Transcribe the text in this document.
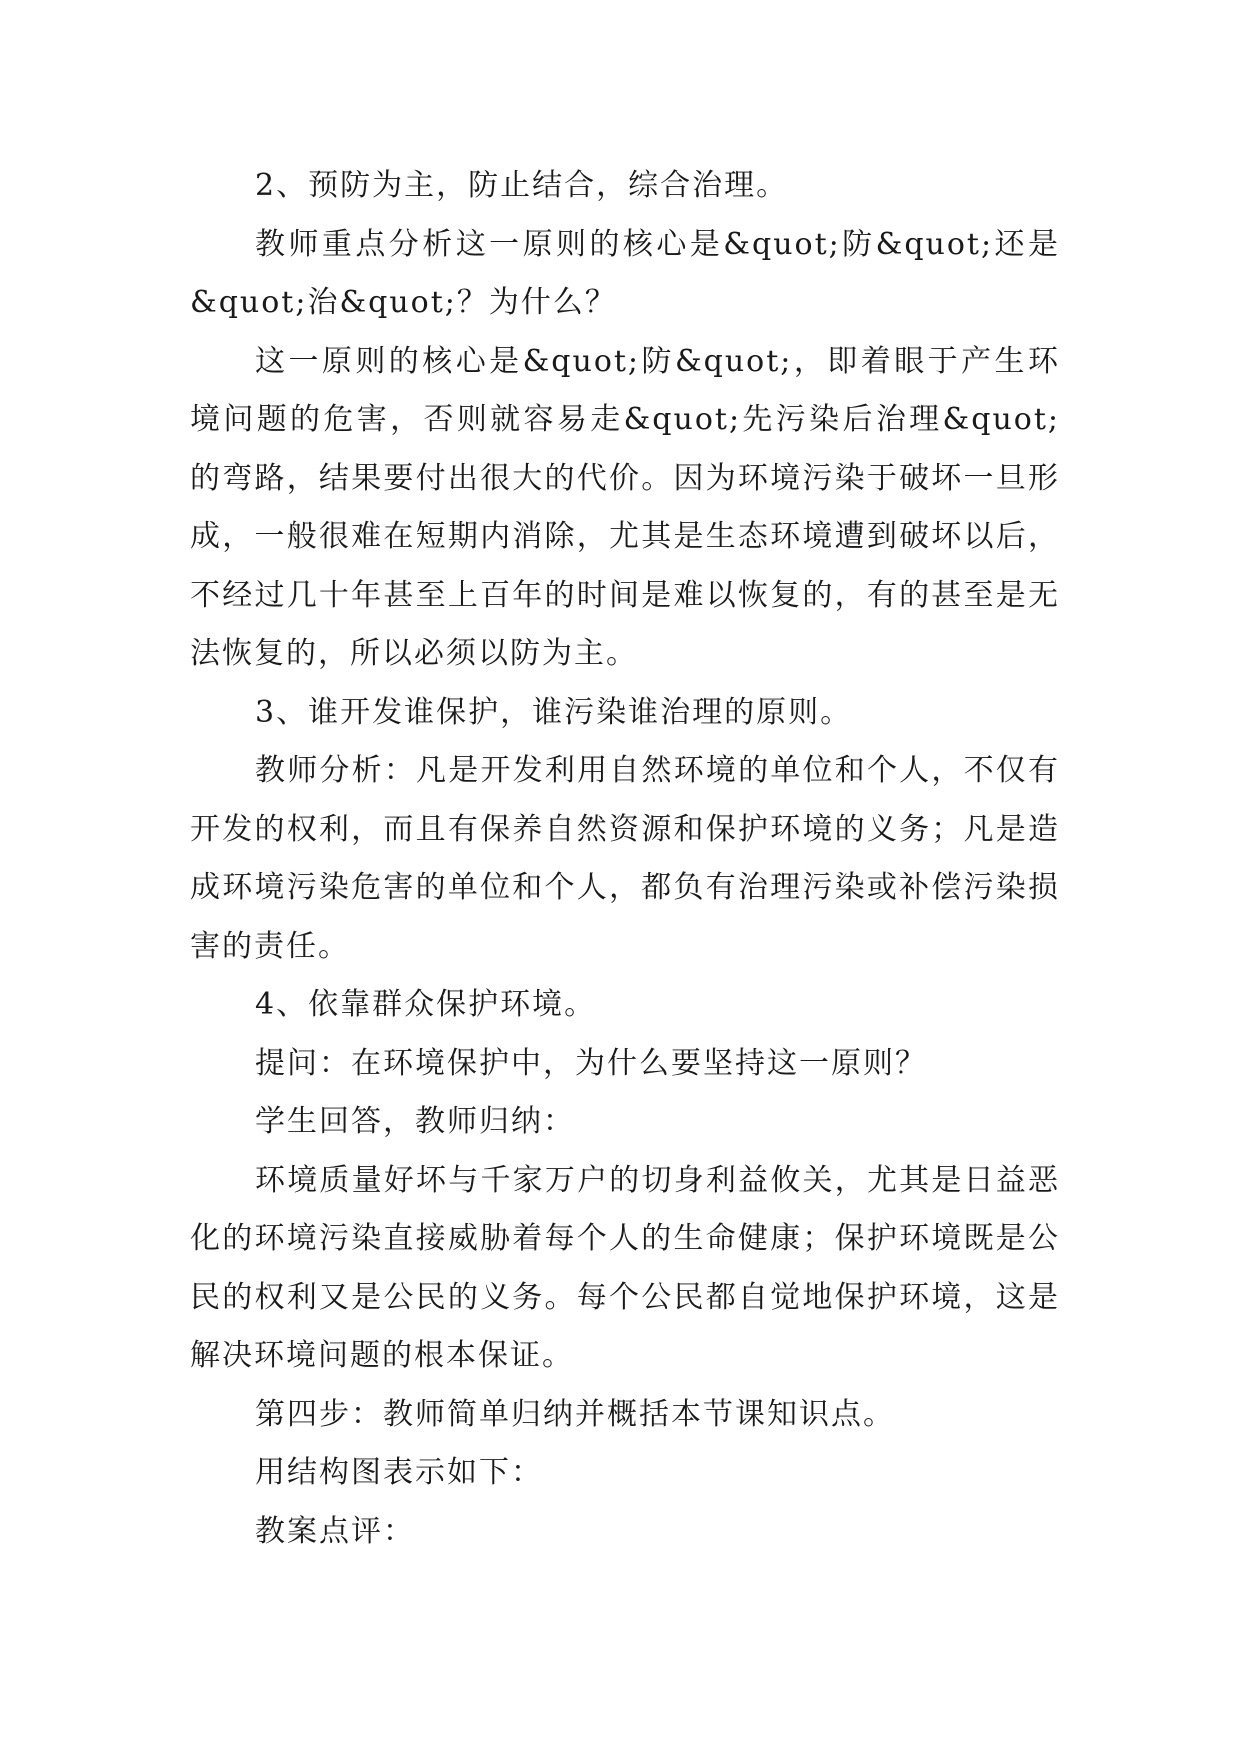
2、预防为主，防止结合，综合治理。

教师重点分析这一原则的核心是&quot;防&quot;还是&quot;治&quot;？为什么？

这一原则的核心是&quot;防&quot;，即着眼于产生环境问题的危害，否则就容易走&quot;先污染后治理&quot;的弯路，结果要付出很大的代价。因为环境污染于破坏一旦形成，一般很难在短期内消除，尤其是生态环境遭到破坏以后，不经过几十年甚至上百年的时间是难以恢复的，有的甚至是无法恢复的，所以必须以防为主。

3、谁开发谁保护，谁污染谁治理的原则。

教师分析：凡是开发利用自然环境的单位和个人，不仅有开发的权利，而且有保养自然资源和保护环境的义务；凡是造成环境污染危害的单位和个人，都负有治理污染或补偿污染损害的责任。

4、依靠群众保护环境。

提问：在环境保护中，为什么要坚持这一原则？

学生回答，教师归纳：

环境质量好坏与千家万户的切身利益攸关，尤其是日益恶化的环境污染直接威胁着每个人的生命健康；保护环境既是公民的权利又是公民的义务。每个公民都自觉地保护环境，这是解决环境问题的根本保证。

第四步：教师简单归纳并概括本节课知识点。

用结构图表示如下：

教案点评：
